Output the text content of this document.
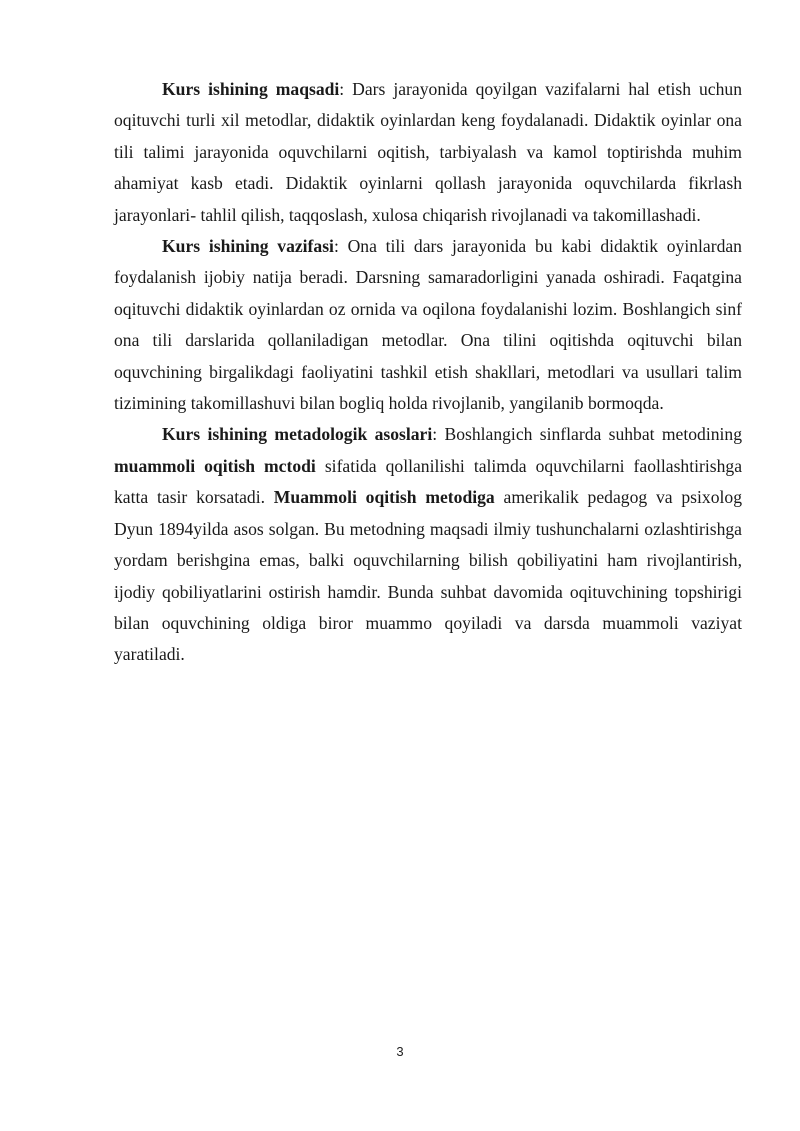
Kurs ishining maqsadi: Dars jarayonida qoyilgan vazifalarni hal etish uchun oqituvchi turli xil metodlar, didaktik oyinlardan keng foydalanadi. Didaktik oyinlar ona tili talimi jarayonida oquvchilarni oqitish, tarbiyalash va kamol toptirishda muhim ahamiyat kasb etadi. Didaktik oyinlarni qollash jarayonida oquvchilarda fikrlash jarayonlari- tahlil qilish, taqqoslash, xulosa chiqarish rivojlanadi va takomillashadi.

Kurs ishining vazifasi: Ona tili dars jarayonida bu kabi didaktik oyinlardan foydalanish ijobiy natija beradi. Darsning samaradorligini yanada oshiradi. Faqatgina oqituvchi didaktik oyinlardan oz ornida va oqilona foydalanishi lozim. Boshlangich sinf ona tili darslarida qollaniladigan metodlar. Ona tilini oqitishda oqituvchi bilan oquvchining birgalikdagi faoliyatini tashkil etish shakllari, metodlari va usullari talim tizimining takomillashuvi bilan bogliq holda rivojlanib, yangilanib bormoqda.

Kurs ishining metadologik asoslari: Boshlangich sinflarda suhbat metodining muammoli oqitish mctodi sifatida qollanilishi talimda oquvchilarni faollashtirishga katta tasir korsatadi. Muammoli oqitish metodiga amerikalik pedagog va psixolog Dyun 1894yilda asos solgan. Bu metodning maqsadi ilmiy tushunchalarni ozlashtirishga yordam berishgina emas, balki oquvchilarning bilish qobiliyatini ham rivojlantirish, ijodiy qobiliyatlarini ostirish hamdir. Bunda suhbat davomida oqituvchining topshirigi bilan oquvchining oldiga biror muammo qoyiladi va darsda muammoli vaziyat yaratiladi.

3
